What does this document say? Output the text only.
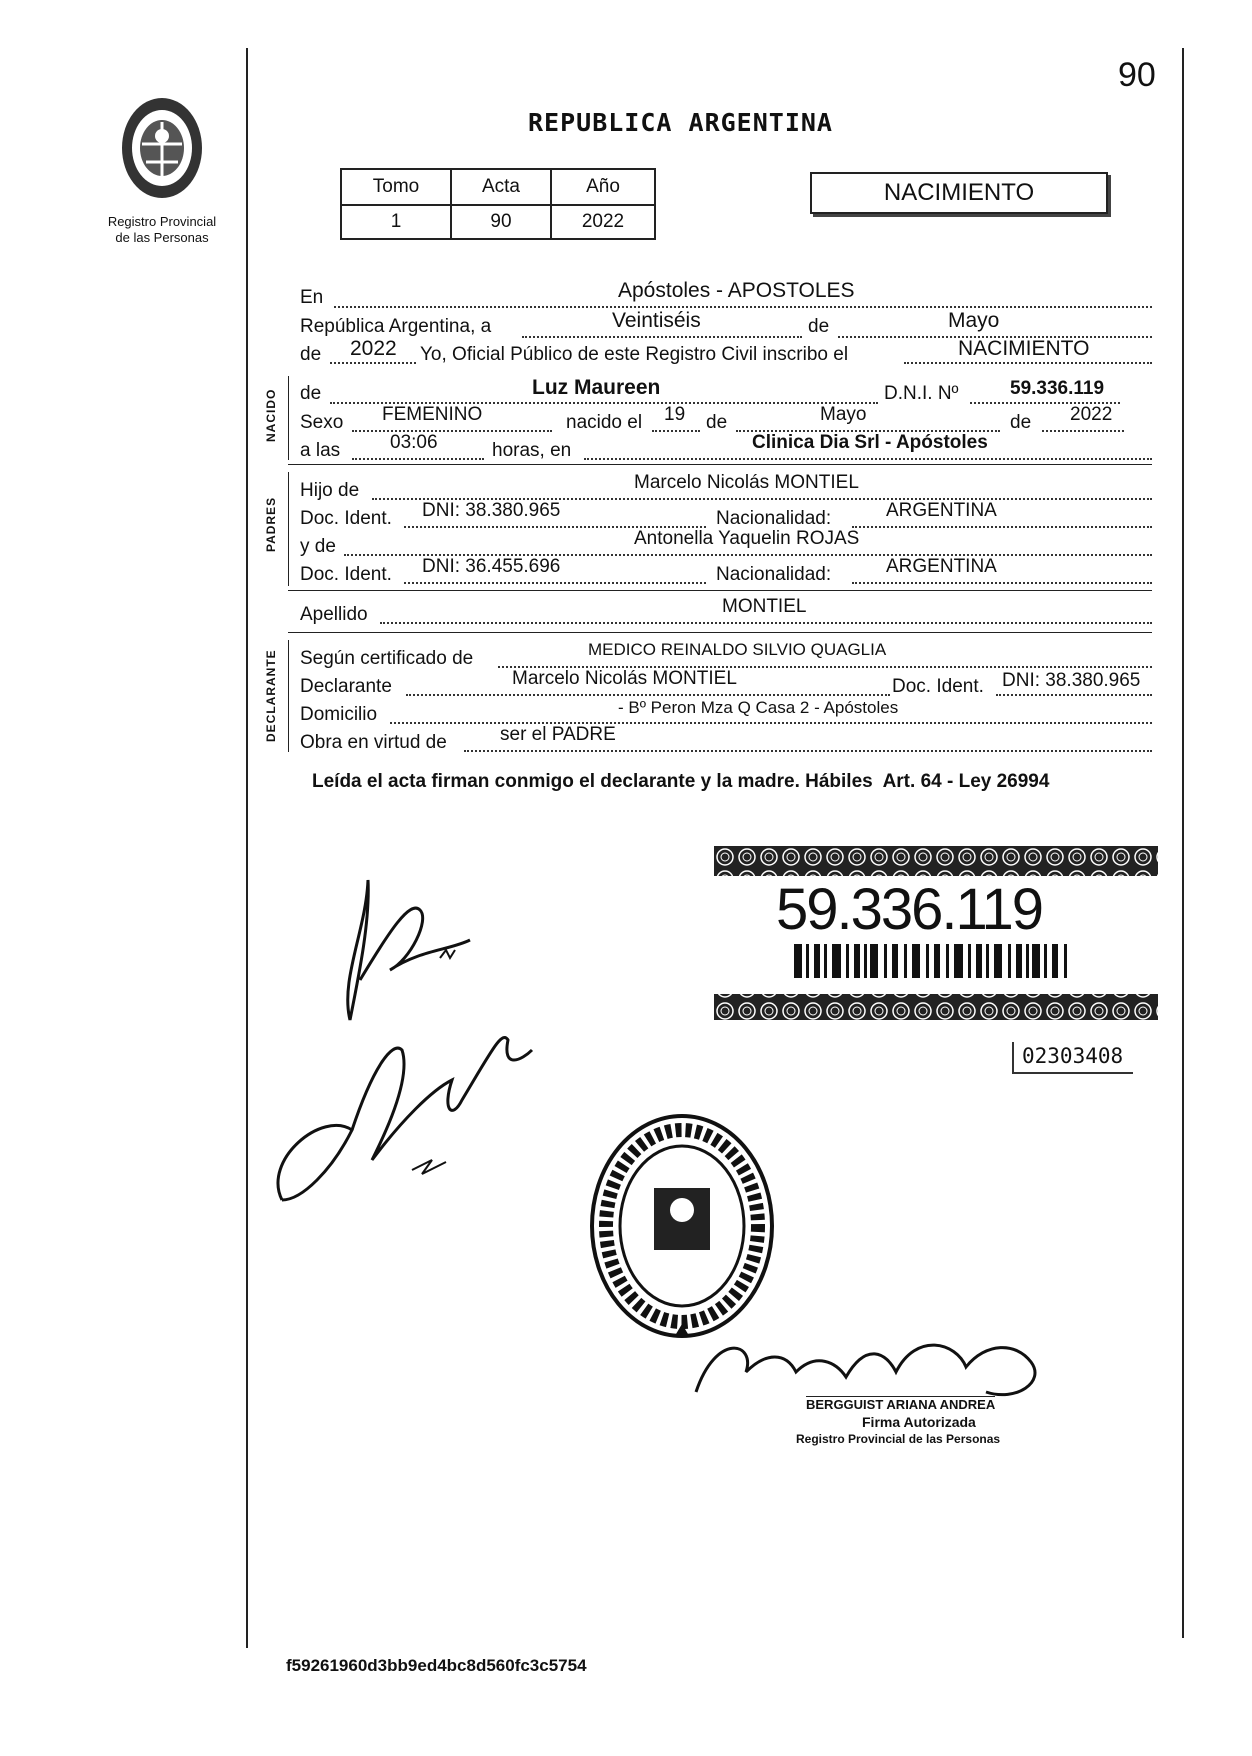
90
Registro Provincial
de las Personas
REPUBLICA ARGENTINA
Tomo	Acta	Año
1	90	2022
NACIMIENTO
En	Apóstoles - APOSTOLES
República Argentina, a	Veintiséis	de	Mayo
de 2022 Yo, Oficial Público de este Registro Civil inscribo el	NACIMIENTO
NACIDO de	Luz Maureen	D.N.I. Nº	59.336.119
Sexo FEMENINO	nacido el 19 de	Mayo	de 2022
a las	03:06	horas, en	Clinica Dia Srl - Apóstoles
PADRES
Hijo de	Marcelo Nicolás MONTIEL
Doc. Ident. DNI: 38.380.965	Nacionalidad:	ARGENTINA
y de	Antonella Yaquelin ROJAS
Doc. Ident. DNI: 36.455.696	Nacionalidad:	ARGENTINA
Apellido	MONTIEL
DECLARANTE Según certificado de	MEDICO REINALDO SILVIO QUAGLIA
Declarante	Marcelo Nicolás MONTIEL	Doc. Ident. DNI: 38.380.965
Domicilio	- Bº Peron Mza Q Casa 2 - Apóstoles
Obra en virtud de	ser el PADRE
Leída el acta firman conmigo el declarante y la madre. Hábiles  Art. 64 - Ley 26994
59.336.119
02303408
BERGGUIST ARIANA ANDREA
Firma Autorizada
Registro Provincial de las Personas
f59261960d3bb9ed4bc8d560fc3c5754
